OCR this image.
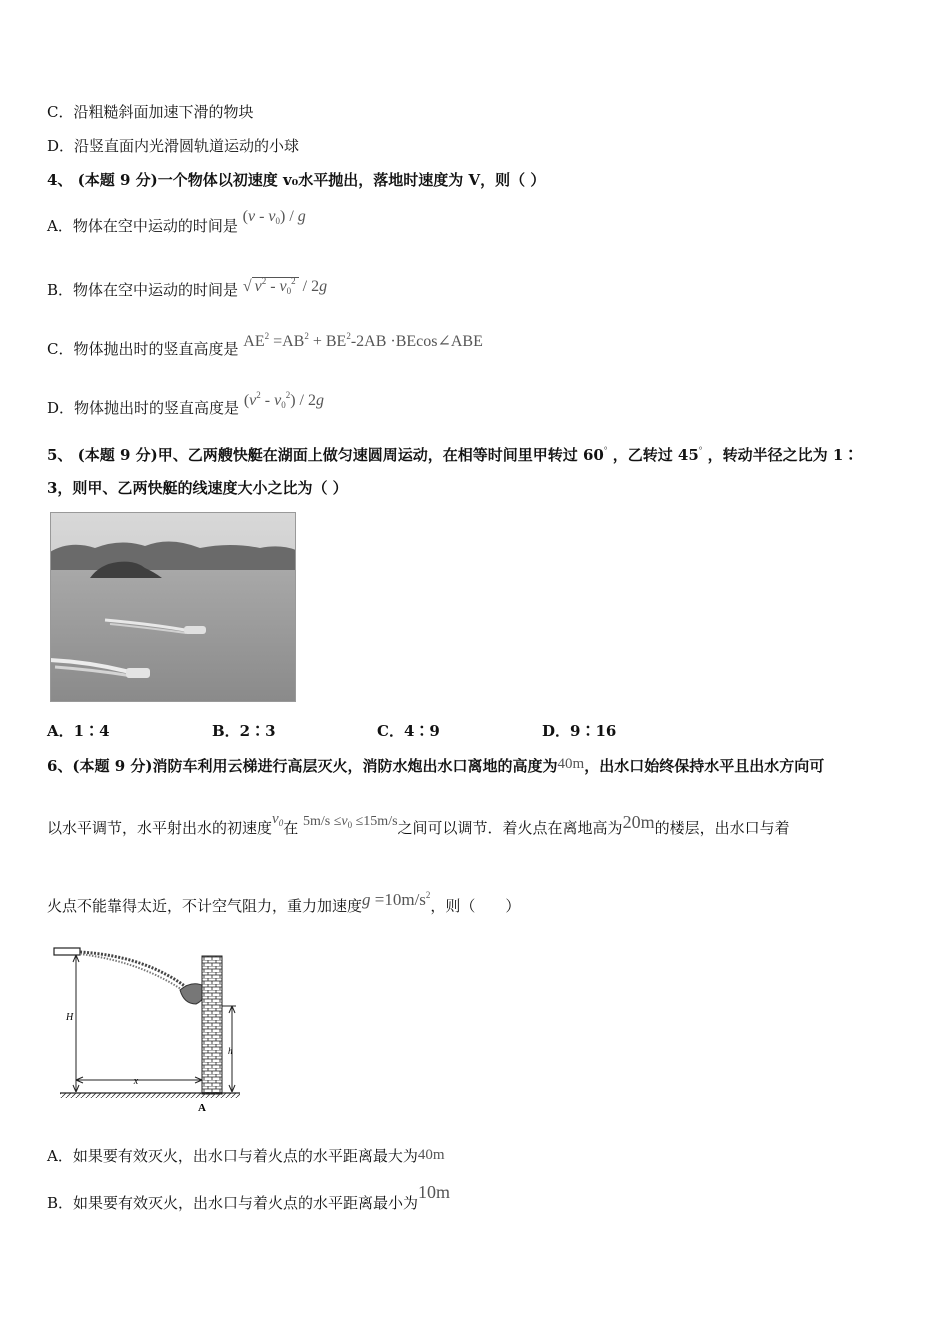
C．沿粗糙斜面加速下滑的物块
D．沿竖直面内光滑圆轨道运动的小球
4、 (本题 9 分)一个物体以初速度 v₀水平抛出，落地时速度为 V，则（ ）
A．物体在空中运动的时间是 $(v - v_0)$ / g
B．物体在空中运动的时间是 √ $v^2 - v_0^2 / 2g$
C．物体抛出时的竖直高度是 $AE^2 =AB^2 + BE^2-2AB$ ·BEcos∠ABE
D．物体抛出时的竖直高度是 $(v^2 - v_0^2) / 2g$
5、 (本题 9 分)甲、乙两艘快艇在湖面上做匀速圆周运动，在相等时间里甲转过 60° ，乙转过 45° ，转动半径之比为 1∶
3，则甲、乙两快艇的线速度大小之比为（ ）
A．1∶4	B．2∶3	C．4∶9	D．9∶16
6、(本题 9 分)消防车利用云梯进行高层灭火，消防水炮出水口离地的高度为40m，出水口始终保持水平且出水方向可
以水平调节，水平射出水的初速度$v_0$在 $5m/s \le v_0 \le 15m/s$之间可以调节．着火点在离地高为20m的楼层，出水口与着
火点不能靠得太近，不计空气阻力，重力加速度$g =10m/s^2$，则（　　）
H
x
h
A
A．如果要有效灭火，出水口与着火点的水平距离最大为40m
B．如果要有效灭火，出水口与着火点的水平距离最小为10m
